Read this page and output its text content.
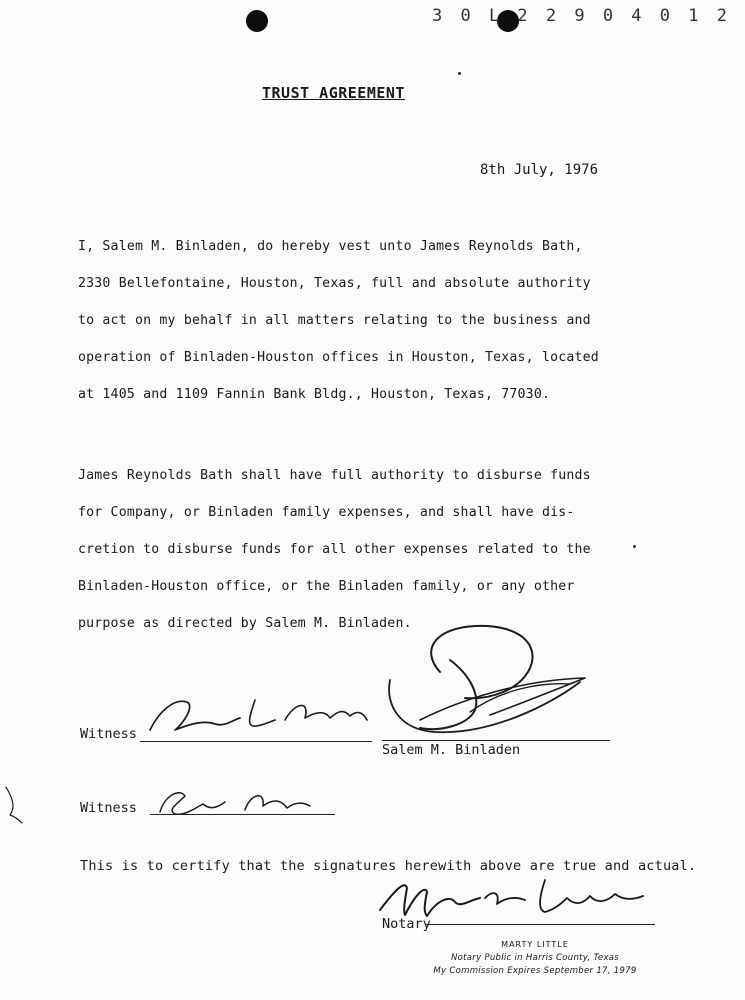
3 0 L 2 2 9 0 4 0 1 2
TRUST AGREEMENT
8th July, 1976

I, Salem M. Binladen, do hereby vest unto James Reynolds Bath,

2330 Bellefontaine, Houston, Texas, full and absolute authority

to act on my behalf in all matters relating to the business and

operation of Binladen-Houston offices in Houston, Texas, located

at 1405 and 1109 Fannin Bank Bldg., Houston, Texas, 77030.

James Reynolds Bath shall have full authority to disburse funds

for Company, or Binladen family expenses, and shall have dis-

cretion to disburse funds for all other expenses related to the

Binladen-Houston office, or the Binladen family, or any other

purpose as directed by Salem M. Binladen.

Salem M. Binladen
Witness
Witness
This is to certify that the signatures herewith above are true and actual.
Notary
MARTY LITTLE
Notary Public in Harris County, Texas
My Commission Expires September 17, 1979
